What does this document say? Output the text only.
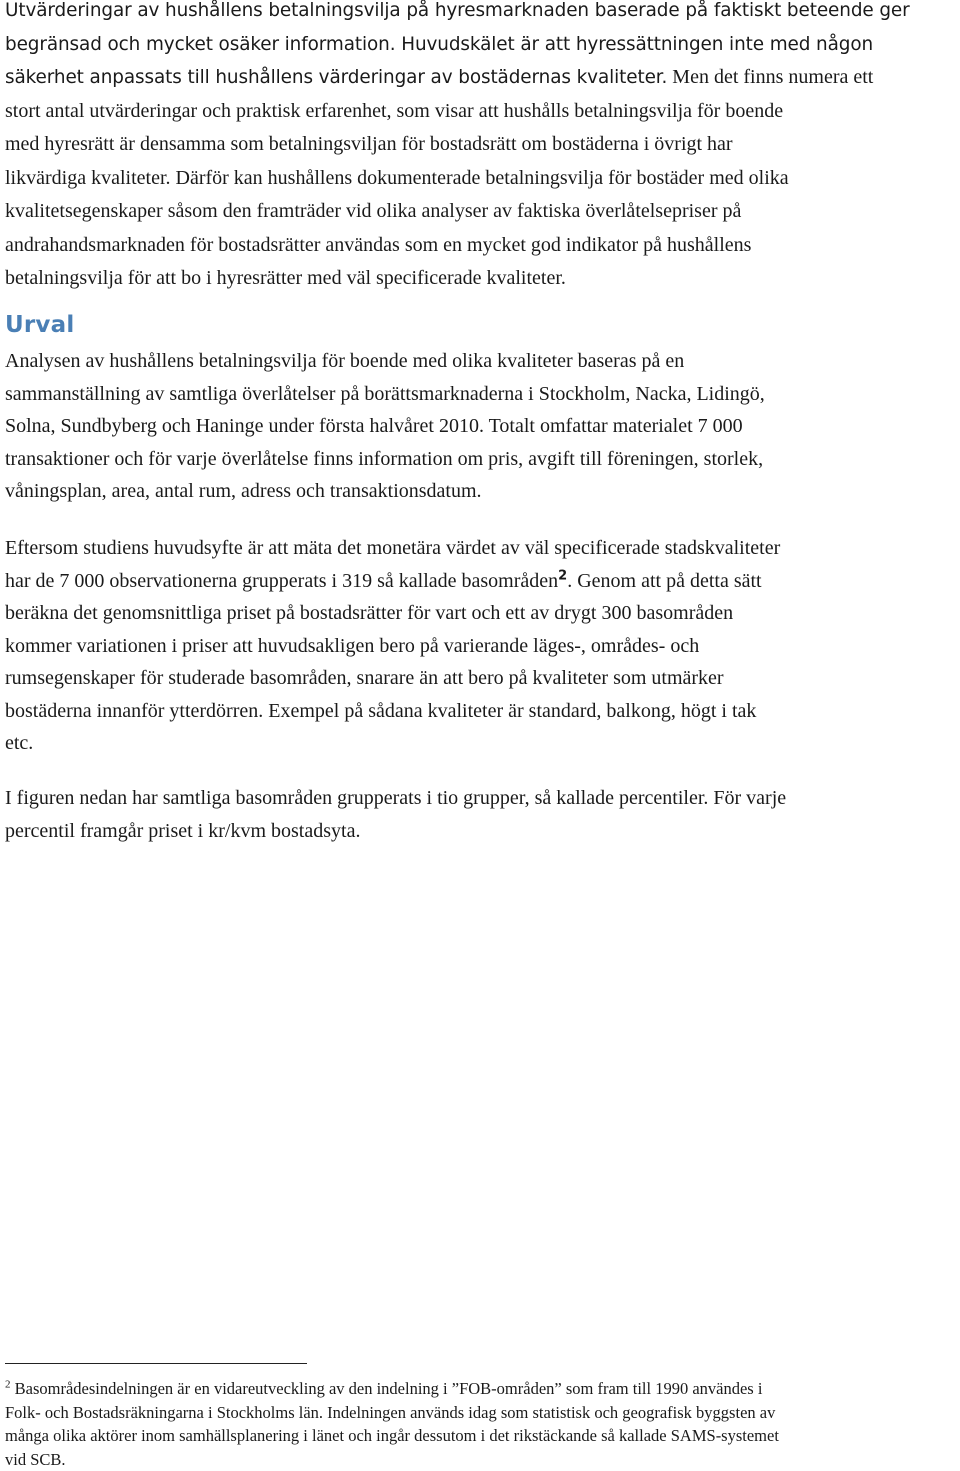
Utvärderingar av hushållens betalningsvilja på hyresmarknaden baserade på faktiskt beteende ger
begränsad och mycket osäker information. Huvudskälet är att hyressättningen inte med någon
säkerhet anpassats till hushållens värderingar av bostädernas kvaliteter. Men det finns numera ett
stort antal utvärderingar och praktisk erfarenhet, som visar att hushålls betalningsvilja för boende
med hyresrätt är densamma som betalningsviljan för bostadsrätt om bostäderna i övrigt har
likvärdiga kvaliteter. Därför kan hushållens dokumenterade betalningsvilja för bostäder med olika
kvalitetsegenskaper såsom den framträder vid olika analyser av faktiska överlåtelsepriser på
andrahandsmarknaden för bostadsrätter användas som en mycket god indikator på hushållens
betalningsvilja för att bo i hyresrätter med väl specificerade kvaliteter.

Urval

Analysen av hushållens betalningsvilja för boende med olika kvaliteter baseras på en
sammanställning av samtliga överlåtelser på borättsmarknaderna i Stockholm, Nacka, Lidingö,
Solna, Sundbyberg och Haninge under första halvåret 2010. Totalt omfattar materialet 7 000
transaktioner och för varje överlåtelse finns information om pris, avgift till föreningen, storlek,
våningsplan, area, antal rum, adress och transaktionsdatum.

Eftersom studiens huvudsyfte är att mäta det monetära värdet av väl specificerade stadskvaliteter
har de 7 000 observationerna grupperats i 319 så kallade basområden$^2$. Genom att på detta sätt
beräkna det genomsnittliga priset på bostadsrätter för vart och ett av drygt 300 basområden
kommer variationen i priser att huvudsakligen bero på varierande läges-, områdes- och
rumsegenskaper för studerade basområden, snarare än att bero på kvaliteter som utmärker
bostäderna innanför ytterdörren. Exempel på sådana kvaliteter är standard, balkong, högt i tak
etc.

I figuren nedan har samtliga basområden grupperats i tio grupper, så kallade percentiler. För varje
percentil framgår priset i kr/kvm bostadsyta.

$^2$ Basområdesindelningen är en vidareutveckling av den indelning i ”FOB-områden” som fram till 1990 användes i
Folk- och Bostadsräkningarna i Stockholms län. Indelningen används idag som statistisk och geografisk byggsten av
många olika aktörer inom samhällsplanering i länet och ingår dessutom i det rikstäckande så kallade SAMS-systemet
vid SCB.
